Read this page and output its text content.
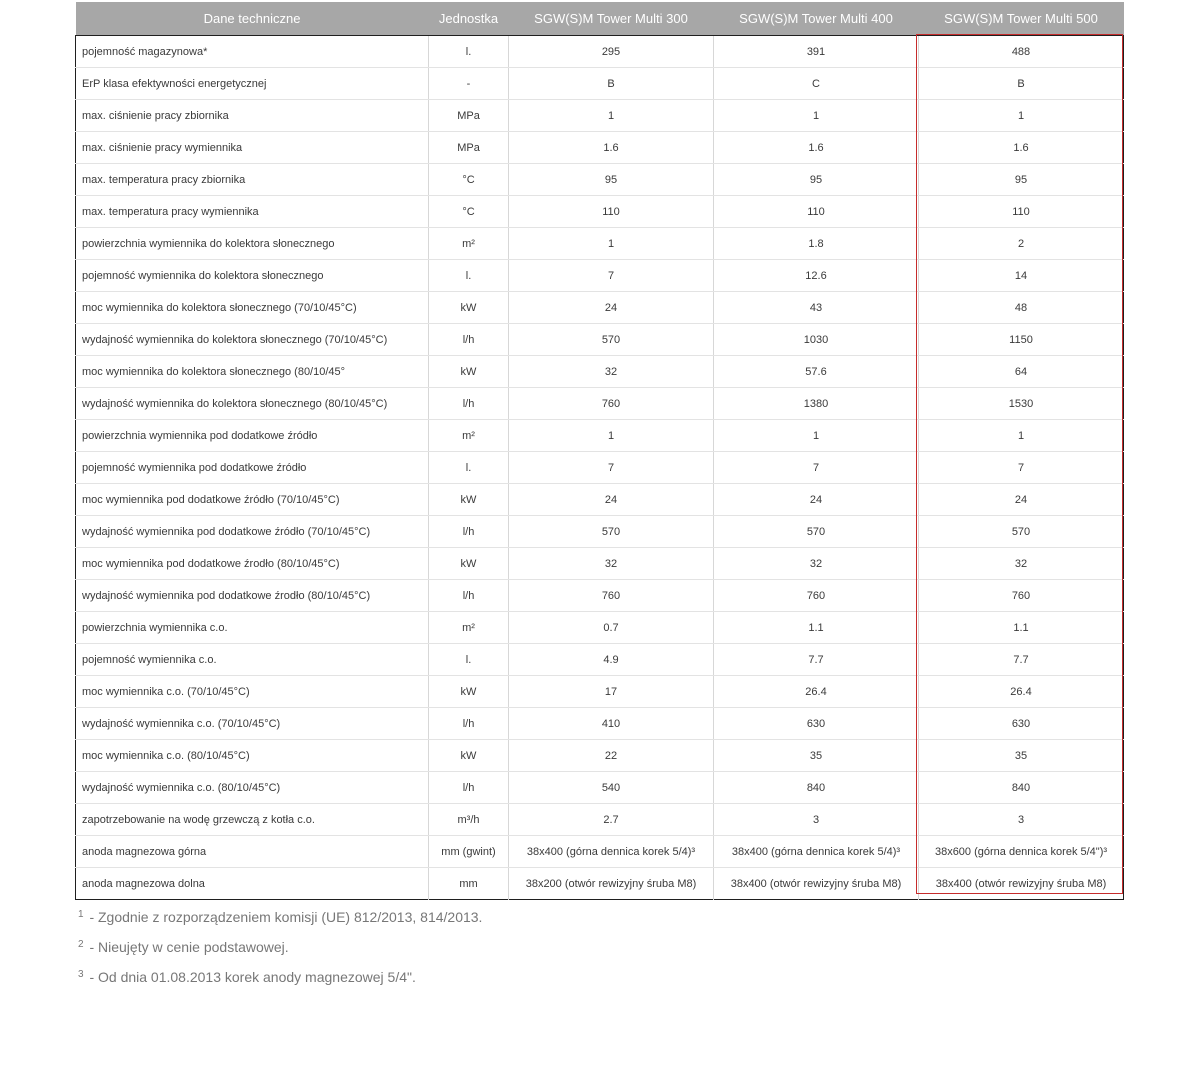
Dane techniczne	Jednostka	SGW(S)M Tower Multi 300	SGW(S)M Tower Multi 400	SGW(S)M Tower Multi 500
pojemność magazynowa*	l.	295	391	488
ErP klasa efektywności energetycznej	-	B	C	B
max. ciśnienie pracy zbiornika	MPa	1	1	1
max. ciśnienie pracy wymiennika	MPa	1.6	1.6	1.6
max. temperatura pracy zbiornika	°C	95	95	95
max. temperatura pracy wymiennika	°C	110	110	110
powierzchnia wymiennika do kolektora słonecznego	m²	1	1.8	2
pojemność wymiennika do kolektora słonecznego	l.	7	12.6	14
moc wymiennika do kolektora słonecznego (70/10/45°C)	kW	24	43	48
wydajność wymiennika do kolektora słonecznego (70/10/45°C)	l/h	570	1030	1150
moc wymiennika do kolektora słonecznego (80/10/45°	kW	32	57.6	64
wydajność wymiennika do kolektora słonecznego (80/10/45°C)	l/h	760	1380	1530
powierzchnia wymiennika pod dodatkowe źródło	m²	1	1	1
pojemność wymiennika pod dodatkowe źródło	l.	7	7	7
moc wymiennika pod dodatkowe źródło (70/10/45°C)	kW	24	24	24
wydajność wymiennika pod dodatkowe źródło (70/10/45°C)	l/h	570	570	570
moc wymiennika pod dodatkowe źrodło (80/10/45°C)	kW	32	32	32
wydajność wymiennika pod dodatkowe źrodło (80/10/45°C)	l/h	760	760	760
powierzchnia wymiennika c.o.	m²	0.7	1.1	1.1
pojemność wymiennika c.o.	l.	4.9	7.7	7.7
moc wymiennika c.o. (70/10/45°C)	kW	17	26.4	26.4
wydajność wymiennika c.o. (70/10/45°C)	l/h	410	630	630
moc wymiennika c.o. (80/10/45°C)	kW	22	35	35
wydajność wymiennika c.o. (80/10/45°C)	l/h	540	840	840
zapotrzebowanie na wodę grzewczą z kotła c.o.	m³/h	2.7	3	3
anoda magnezowa górna	mm (gwint)	38x400 (górna dennica korek 5/4)³	38x400 (górna dennica korek 5/4)³	38x600 (górna dennica korek 5/4")³
anoda magnezowa dolna	mm	38x200 (otwór rewizyjny śruba M8)	38x400 (otwór rewizyjny śruba M8)	38x400 (otwór rewizyjny śruba M8)
$^1$ - Zgodnie z rozporządzeniem komisji (UE) 812/2013, 814/2013.
$^2$ - Nieujęty w cenie podstawowej.
$^3$ - Od dnia 01.08.2013 korek anody magnezowej 5/4".
